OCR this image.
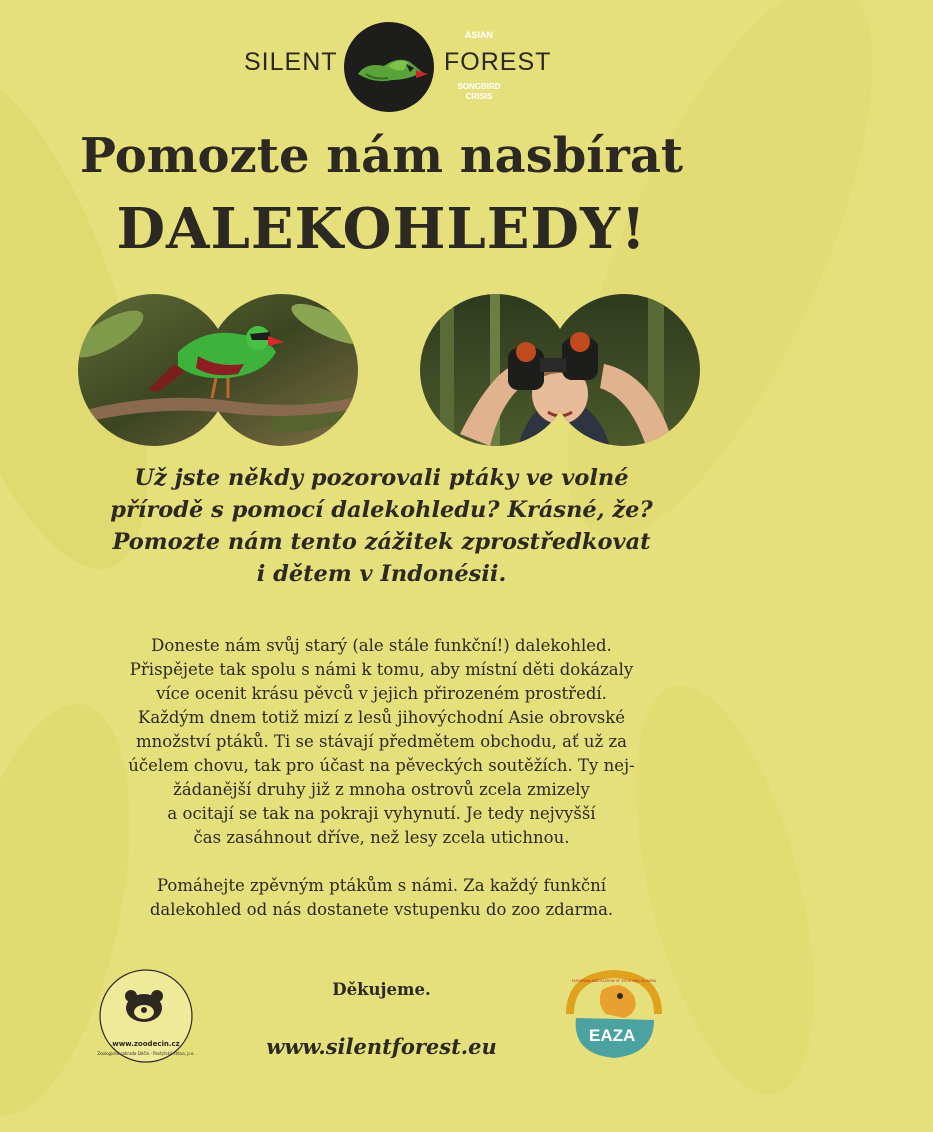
SILENT
ASIAN
SONGBIRD
CRISIS
FOREST
Pomozte nám nasbírat
DALEKOHLEDY!
Už jste někdy pozorovali ptáky ve volné
přírodě s pomocí dalekohledu? Krásné, že?
Pomozte nám tento zážitek zprostředkovat
i dětem v Indonésii.
Doneste nám svůj starý (ale stále funkční!) dalekohled.
Přispějete tak spolu s námi k tomu, aby místní děti dokázaly
více ocenit krásu pěvců v jejich přirozeném prostředí.
Každým dnem totiž mizí z lesů jihovýchodní Asie obrovské
množství ptáků. Ti se stávají předmětem obchodu, ať už za
účelem chovu, tak pro účast na pěveckých soutěžích. Ty nej-
žádanější druhy již z mnoha ostrovů zcela zmizely
a ocitají se tak na pokraji vyhynutí. Je tedy nejvyšší
čas zasáhnout dříve, než lesy zcela utichnou.
Pomáhejte zpěvným ptákům s námi. Za každý funkční
dalekohled od nás dostanete vstupenku do zoo zdarma.
Děkujeme.
www.silentforest.eu
www.zoodecin.cz
Zoologická zahrada Děčín - Pastýřská stěna, p.o.
EUROPEAN ASSOCIATION OF ZOOS AND AQUARIA
EAZA
